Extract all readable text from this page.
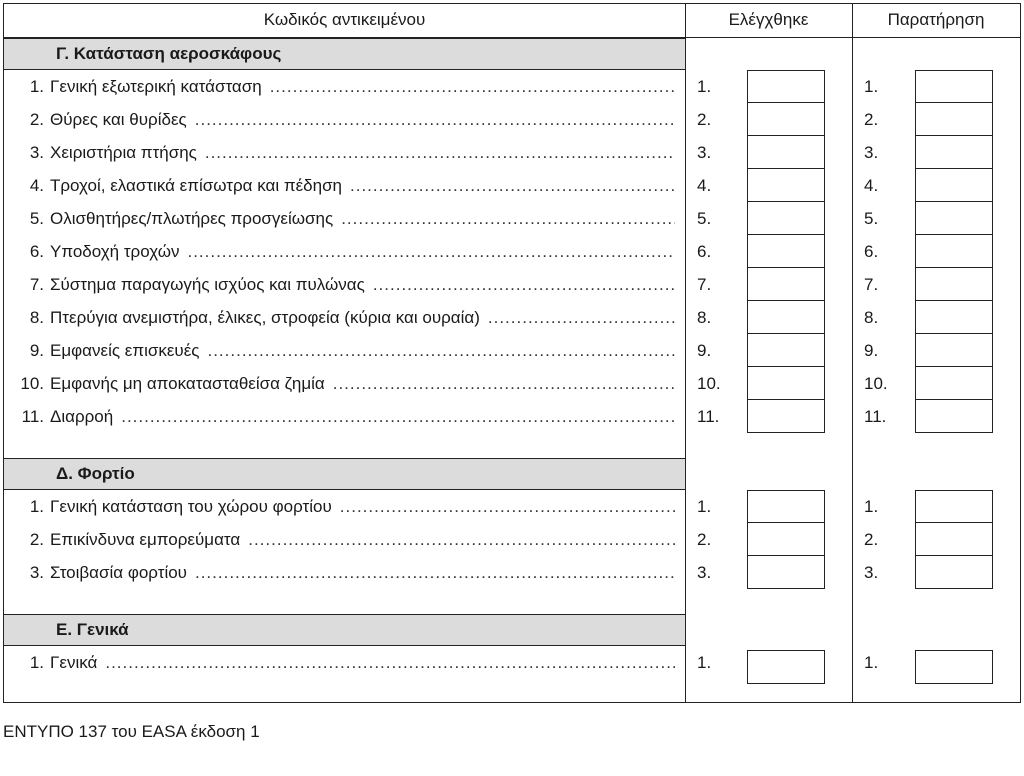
Κωδικός αντικειμένου	Ελέγχθηκε	Παρατήρηση
Γ. Κατάσταση αεροσκάφους
1. Γενική εξωτερική κατάσταση .....	1.	1.
2. Θύρες και θυρίδες .....	2.	2.
3. Χειριστήρια πτήσης .....	3.	3.
4. Τροχοί, ελαστικά επίσωτρα και πέδηση .....	4.	4.
5. Ολισθητήρες/πλωτήρες προσγείωσης .....	5.	5.
6. Υποδοχή τροχών .....	6.	6.
7. Σύστημα παραγωγής ισχύος και πυλώνας .....	7.	7.
8. Πτερύγια ανεμιστήρα, έλικες, στροφεία (κύρια και ουραία) .....	8.	8.
9. Εμφανείς επισκευές .....	9.	9.
10. Εμφανής μη αποκατασταθείσα ζημία .....	10.	10.
11. Διαρροή .....	11.	11.
Δ. Φορτίο
1. Γενική κατάσταση του χώρου φορτίου .....	1.	1.
2. Επικίνδυνα εμπορεύματα .....	2.	2.
3. Στοιβασία φορτίου .....	3.	3.
Ε. Γενικά
1. Γενικά .....	1.	1.
ΕΝΤΥΠΟ 137 του EASA έκδοση 1
